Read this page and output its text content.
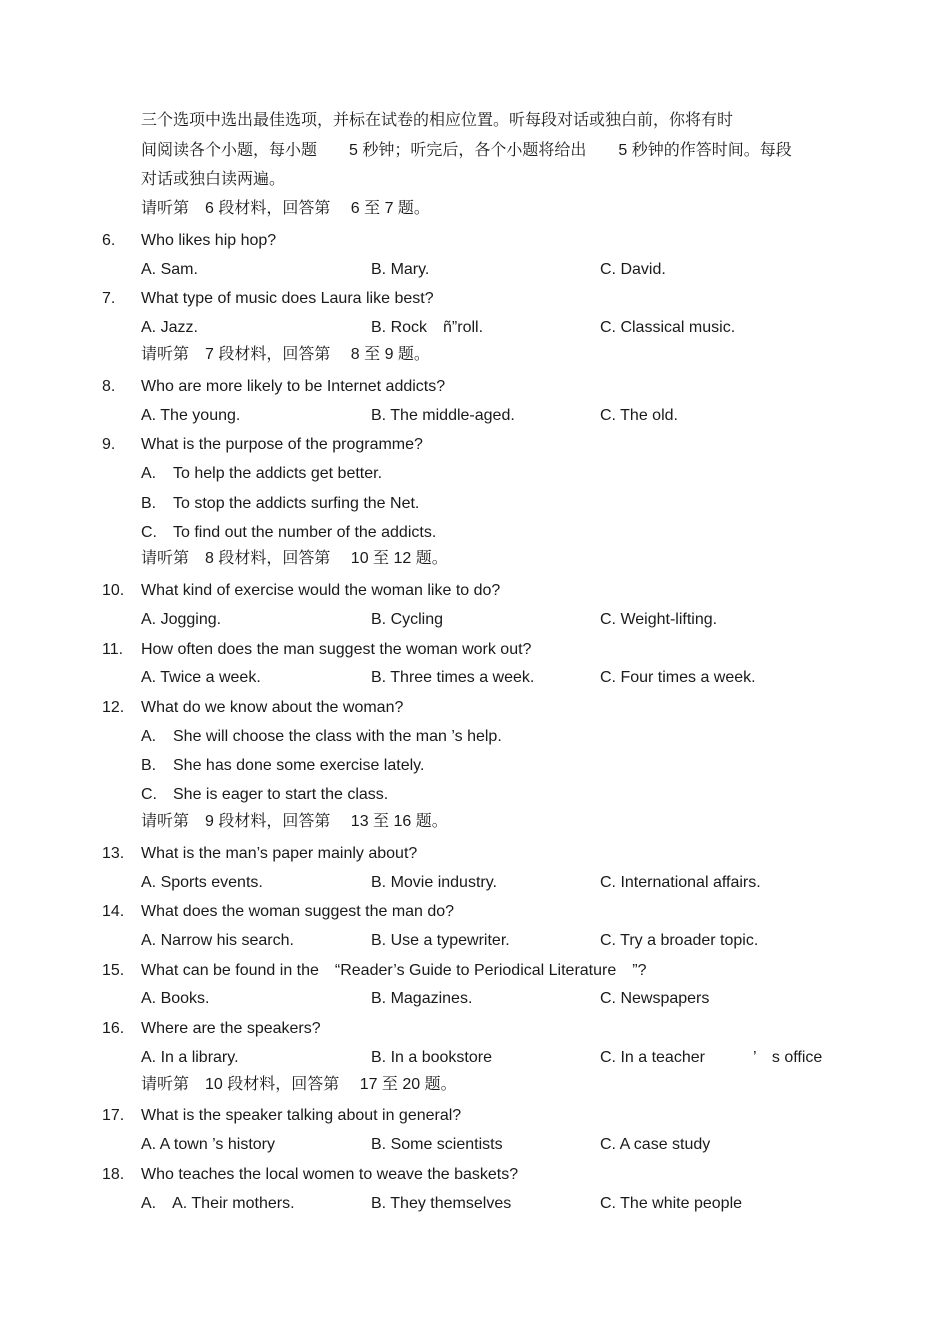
三个选项中选出最佳选项，并标在试卷的相应位置。听每段对话或独白前，你将有时
间阅读各个小题，每小题　　5 秒钟；听完后，各个小题将给出　　5 秒钟的作答时间。每段
对话或独白读两遍。
请听第　6 段材料，回答第　 6 至 7 题。
6. Who likes hip hop?
A. Sam.	B. Mary.	C. David.
7. What type of music does Laura like best?
A. Jazz.	B. Rock　ñ”roll.	C. Classical music.
请听第　7 段材料，回答第　 8 至 9 题。
8. Who are more likely to be Internet addicts?
A. The young.	B. The middle-aged.	C. The old.
9. What is the purpose of the programme?
A. To help the addicts get better.
B. To stop the addicts surfing the Net.
C. To find out the number of the addicts.
请听第　8 段材料，回答第　 10 至 12 题。
10. What kind of exercise would the woman like to do?
A. Jogging.	B. Cycling	C. Weight-lifting.
11. How often does the man suggest the woman work out?
A. Twice a week.	B. Three times a week.	C. Four times a week.
12. What do we know about the woman?
A. She will choose the class with the man ’s help.
B. She has done some exercise lately.
C. She is eager to start the class.
请听第　9 段材料，回答第　 13 至 16 题。
13. What is the man’s paper mainly about?
A. Sports events.	B. Movie industry.	C. International affairs.
14. What does the woman suggest the man do?
A. Narrow his search.	B. Use a typewriter.	C. Try a broader topic.
15. What can be found in the　“Reader’s Guide to Periodical Literature　”?
A. Books.	B. Magazines.	C. Newspapers
16. Where are the speakers?
A. In a library.	B. In a bookstore	C. In a teacher　　　’　s office
请听第　10 段材料，回答第　 17 至 20 题。
17. What is the speaker talking about in general?
A. A town ’s history	B. Some scientists	C. A case study
18. Who teaches the local women to weave the baskets?
A.　A. Their mothers.	B. They themselves	C. The white people
